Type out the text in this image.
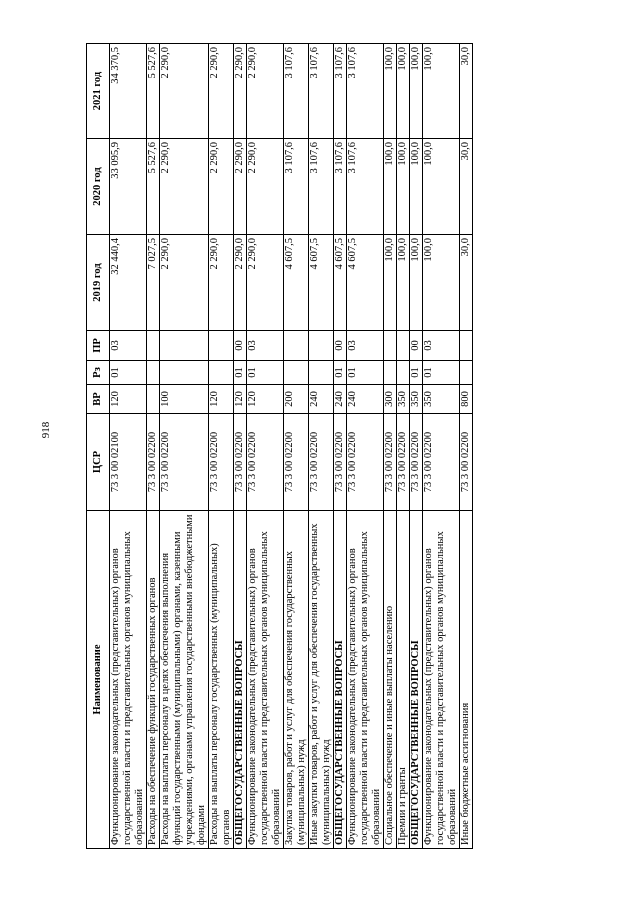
918
Наименование	ЦСР	ВР	Рз	ПР	2019 год	2020 год	2021 год
Функционирование законодательных (представительных) органов государственной власти и представительных органов муниципальных образований	73 3 00 02100	120	01	03	32 440,4	33 095,9	34 370,5
Расходы на обеспечение функций государственных органов	73 3 00 02200				7 027,5	5 527,6	5 527,6
Расходы на выплаты персоналу в целях обеспечения выполнения функций государственными (муниципальными) органами, казенными учреждениями, органами управления государственными внебюджетными фондами	73 3 00 02200	100			2 290,0	2 290,0	2 290,0
Расходы на выплаты персоналу государственных (муниципальных) органов	73 3 00 02200	120			2 290,0	2 290,0	2 290,0
ОБЩЕГОСУДАРСТВЕННЫЕ ВОПРОСЫ	73 3 00 02200	120	01	00	2 290,0	2 290,0	2 290,0
Функционирование законодательных (представительных) органов государственной власти и представительных органов муниципальных образований	73 3 00 02200	120	01	03	2 290,0	2 290,0	2 290,0
Закупка товаров, работ и услуг для обеспечения государственных (муниципальных) нужд	73 3 00 02200	200			4 607,5	3 107,6	3 107,6
Иные закупки товаров, работ и услуг для обеспечения государственных (муниципальных) нужд	73 3 00 02200	240			4 607,5	3 107,6	3 107,6
ОБЩЕГОСУДАРСТВЕННЫЕ ВОПРОСЫ	73 3 00 02200	240	01	00	4 607,5	3 107,6	3 107,6
Функционирование законодательных (представительных) органов государственной власти и представительных органов муниципальных образований	73 3 00 02200	240	01	03	4 607,5	3 107,6	3 107,6
Социальное обеспечение и иные выплаты населению	73 3 00 02200	300			100,0	100,0	100,0
Премии и гранты	73 3 00 02200	350			100,0	100,0	100,0
ОБЩЕГОСУДАРСТВЕННЫЕ ВОПРОСЫ	73 3 00 02200	350	01	00	100,0	100,0	100,0
Функционирование законодательных (представительных) органов государственной власти и представительных органов муниципальных образований	73 3 00 02200	350	01	03	100,0	100,0	100,0
Иные бюджетные ассигнования	73 3 00 02200	800			30,0	30,0	30,0
